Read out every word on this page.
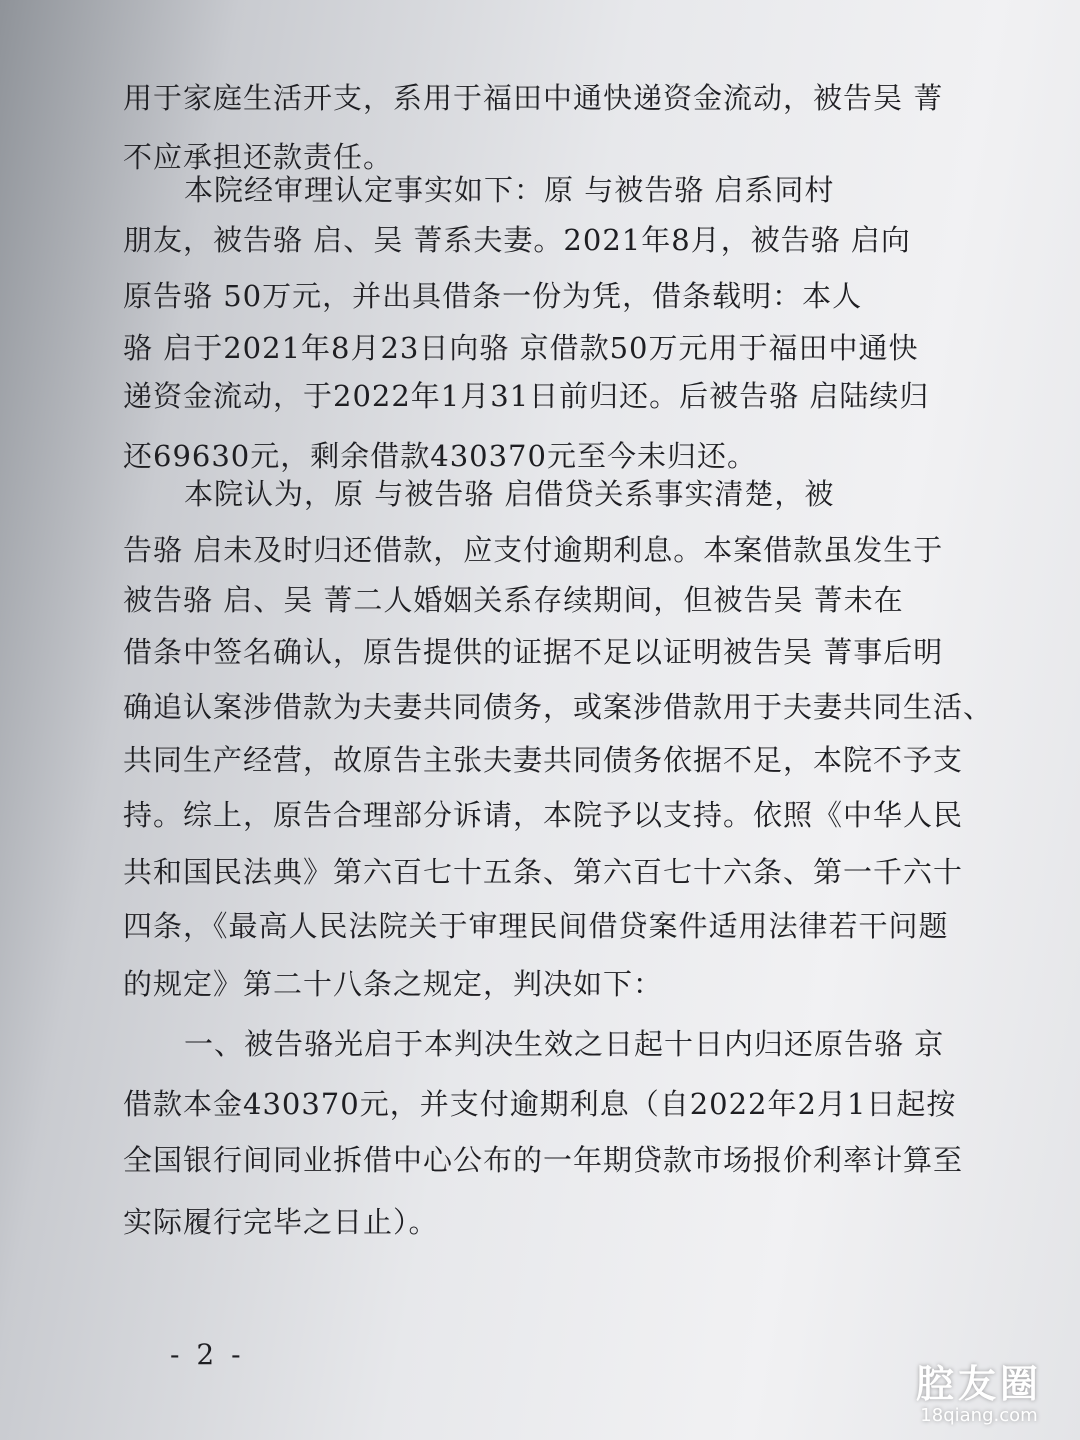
用于家庭生活开支，系用于福田中通快递资金流动，被告吴 菁
不应承担还款责任。
本院经审理认定事实如下：原 与被告骆 启系同村
朋友，被告骆 启、吴 菁系夫妻。2021年8月，被告骆 启向
原告骆 50万元，并出具借条一份为凭，借条载明：本人
骆 启于2021年8月23日向骆 京借款50万元用于福田中通快
递资金流动，于2022年1月31日前归还。后被告骆 启陆续归
还69630元，剩余借款430370元至今未归还。
本院认为，原 与被告骆 启借贷关系事实清楚，被
告骆 启未及时归还借款，应支付逾期利息。本案借款虽发生于
被告骆 启、吴 菁二人婚姻关系存续期间，但被告吴 菁未在
借条中签名确认，原告提供的证据不足以证明被告吴 菁事后明
确追认案涉借款为夫妻共同债务，或案涉借款用于夫妻共同生活、
共同生产经营，故原告主张夫妻共同债务依据不足，本院不予支
持。综上，原告合理部分诉请，本院予以支持。依照《中华人民
共和国民法典》第六百七十五条、第六百七十六条、第一千六十
四条，《最高人民法院关于审理民间借贷案件适用法律若干问题
的规定》第二十八条之规定，判决如下：
一、被告骆光启于本判决生效之日起十日内归还原告骆 京
借款本金430370元，并支付逾期利息（自2022年2月1日起按
全国银行间同业拆借中心公布的一年期贷款市场报价利率计算至
实际履行完毕之日止）。
- 2 -
腔友圈
18qiang.com
